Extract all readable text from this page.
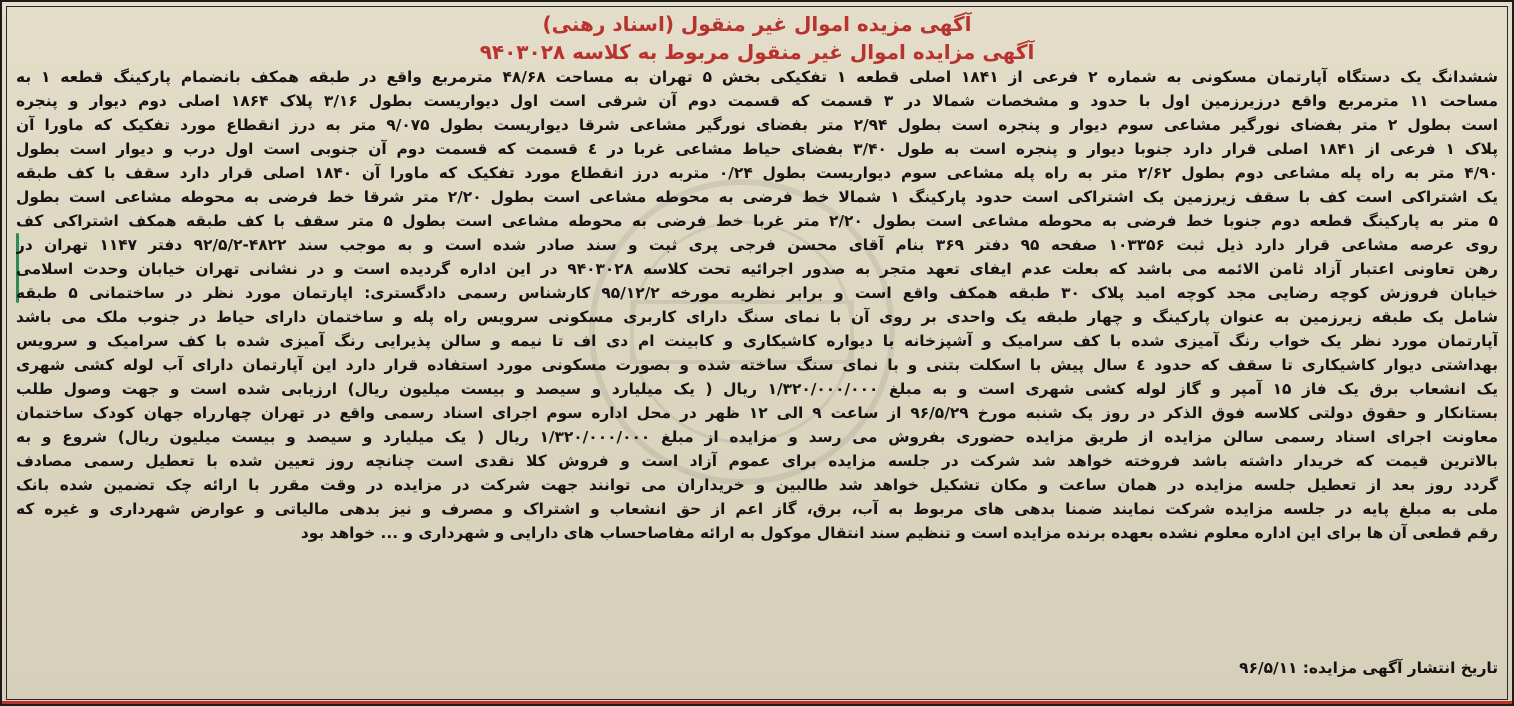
آگهی مزیده اموال غیر منقول (اسناد رهنی)
آگهی مزایده اموال غیر منقول مربوط به کلاسه ۹۴۰۳۰۲۸
ششدانگ یک دستگاه آپارتمان مسکونی به شماره ۲ فرعی از ۱۸۴۱ اصلی قطعه ۱ تفکیکی بخش ۵ تهران به مساحت ۴۸/۶۸ مترمربع واقع در طبقه همکف بانضمام پارکینگ قطعه ۱ به
مساحت ۱۱ مترمربع واقع درزیرزمین اول با حدود و مشخصات شمالا در ۳ قسمت که قسمت دوم آن شرقی است اول دیواریست بطول ۳/۱۶ پلاک ۱۸۶۴ اصلی دوم دیوار و پنجره
است بطول ۲ متر بفضای نورگیر مشاعی سوم دیوار و پنجره است بطول ۲/۹۴ متر بفضای نورگیر مشاعی شرقا دیواریست بطول ۹/۰۷۵ متر به درز انقطاع مورد تفکیک که ماورا آن
پلاک ۱ فرعی از ۱۸۴۱ اصلی قرار دارد جنوبا دیوار و پنجره است به طول ۳/۴۰ بفضای حیاط مشاعی غربا در ٤ قسمت که قسمت دوم آن جنوبی است اول درب و دیوار است بطول
۴/۹۰ متر به راه پله مشاعی دوم بطول ۲/۶۲ متر به راه پله مشاعی سوم دیواریست بطول ۰/۲۴ متربه درز انقطاع مورد تفکیک که ماورا آن ۱۸۴۰ اصلی قرار دارد سقف با کف طبقه
یک اشتراکی است کف با سقف زیرزمین یک اشتراکی است حدود پارکینگ ۱ شمالا خط فرضی به محوطه مشاعی است بطول ۲/۲۰ متر شرقا خط فرضی به محوطه مشاعی است بطول
۵ متر به پارکینگ قطعه دوم جنوبا خط فرضی به محوطه مشاعی است بطول ۲/۲۰ متر غربا خط فرضی به محوطه مشاعی است بطول ۵ متر سقف با کف طبقه همکف اشتراکی کف
روی عرصه مشاعی قرار دارد ذیل ثبت ۱۰۳۳۵۶ صفحه ۹۵ دفتر ۳۶۹ بنام آقای محسن فرجی پری ثبت و سند صادر شده است و به موجب سند ۴۸۲۲-۹۲/۵/۲ دفتر ۱۱۴۷ تهران در
رهن تعاونی اعتبار آزاد ثامن الائمه می باشد که بعلت عدم ایفای تعهد متجر به صدور اجرائیه تحت کلاسه ۹۴۰۳۰۲۸ در این اداره گردیده است و در نشانی تهران خیابان وحدت اسلامی
خیابان فروزش کوچه رضایی مجد کوچه امید پلاک ۳۰ طبقه همکف واقع است و برابر نظریه مورخه ۹۵/۱۲/۲ کارشناس رسمی دادگستری: اپارتمان مورد نظر در ساختمانی ۵ طبقه
شامل یک طبقه زیرزمین به عنوان پارکینگ و چهار طبقه یک واحدی بر روی آن با نمای سنگ دارای کاربری مسکونی سرویس راه پله و ساختمان دارای حیاط در جنوب ملک می باشد
آپارتمان مورد نظر یک خواب رنگ آمیزی شده با کف سرامیک و آشپزخانه با دیواره کاشیکاری و کابینت ام دی اف تا نیمه و سالن پذیرایی رنگ آمیزی شده با کف سرامیک و سرویس
بهداشتی دیوار کاشیکاری تا سقف که حدود ٤ سال پیش با اسکلت بتنی و با نمای سنگ ساخته شده و بصورت مسکونی مورد استفاده قرار دارد این آپارتمان دارای آب لوله کشی شهری
یک انشعاب برق یک فاز ۱۵ آمپر و گاز لوله کشی شهری است و به مبلغ ۱/۳۲۰/۰۰۰/۰۰۰ ریال ( یک میلیارد و سیصد و بیست میلیون ریال) ارزیابی شده است و جهت وصول طلب
بستانکار و حقوق دولتی کلاسه فوق الذکر در روز یک شنبه مورخ ۹۶/۵/۲۹ از ساعت ۹ الی ۱۲ ظهر در محل اداره سوم اجرای اسناد رسمی واقع در تهران چهارراه جهان کودک ساختمان
معاونت اجرای اسناد رسمی سالن مزایده از طریق مزایده حضوری بفروش می رسد و مزایده از مبلغ ۱/۳۲۰/۰۰۰/۰۰۰ ریال ( یک میلیارد و سیصد و بیست میلیون ریال) شروع و به
بالاترین قیمت که خریدار داشته باشد فروخته خواهد شد شرکت در جلسه مزایده برای عموم آزاد است و فروش کلا نقدی است چنانچه روز تعیین شده با تعطیل رسمی مصادف
گردد روز بعد از تعطیل جلسه مزایده در همان ساعت و مکان تشکیل خواهد شد طالبین و خریداران می توانند جهت شرکت در مزایده در وقت مقرر با ارائه چک تضمین شده بانک
ملی به مبلغ پایه در جلسه مزایده شرکت نمایند ضمنا بدهی های مربوط به آب، برق، گاز اعم از حق انشعاب و اشتراک و مصرف و نیز بدهی مالیاتی و عوارض شهرداری و غیره که
رقم قطعی آن ها برای این اداره معلوم نشده بعهده برنده مزایده است و تنظیم سند انتقال موکول به ارائه مفاصاحساب های دارایی و شهرداری و ... خواهد بود
تاریخ انتشار آگهی مزایده: ۹۶/۵/۱۱
